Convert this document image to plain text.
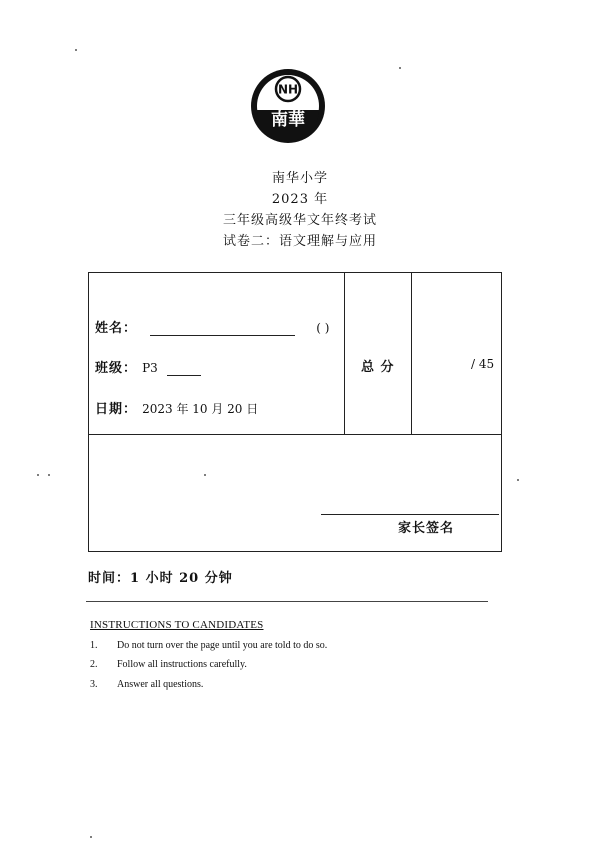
NH
南華
南华小学
2023 年
三年级高级华文年终考试
试卷二：语文理解与应用
姓名：	( )
班级： P3
日期： 2023 年 10 月 20 日
总 分	/ 45
家长签名
时间：1 小时 20 分钟
INSTRUCTIONS TO CANDIDATES
1. Do not turn over the page until you are told to do so.
2. Follow all instructions carefully.
3. Answer all questions.
